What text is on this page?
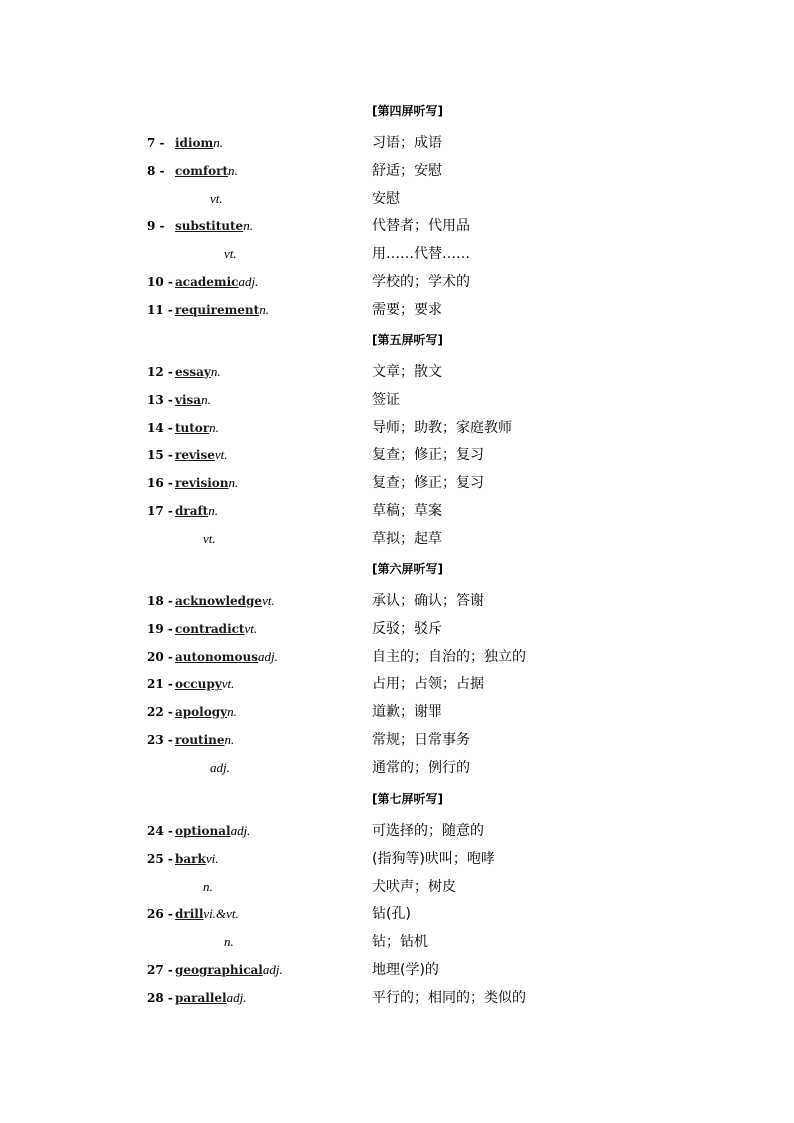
[第四屏听写]
7 - idiomn.	习语；成语
8 - comfortn.	舒适；安慰
vt.	安慰
9 - substituten.	代替者；代用品
vt.	用……代替……
10 - academicadj.	学校的；学术的
11 - requirementn.	需要；要求
[第五屏听写]
12 - essayn.	文章；散文
13 - visan.	签证
14 - tutorn.	导师；助教；家庭教师
15 - revisevt.	复查；修正；复习
16 - revisionn.	复查；修正；复习
17 - draftn.	草稿；草案
vt.	草拟；起草
[第六屏听写]
18 - acknowledgevt.	承认；确认；答谢
19 - contradictvt.	反驳；驳斥
20 - autonomousadj.	自主的；自治的；独立的
21 - occupyvt.	占用；占领；占据
22 - apologyn.	道歉；谢罪
23 - routinen.	常规；日常事务
adj.	通常的；例行的
[第七屏听写]
24 - optionaladj.	可选择的；随意的
25 - barkvi.	(指狗等)吠叫；咆哮
n.	犬吠声；树皮
26 - drillvi.&vt.	钻(孔)
n.	钻；钻机
27 - geographicaladj.	地理(学)的
28 - paralleladj.	平行的；相同的；类似的
